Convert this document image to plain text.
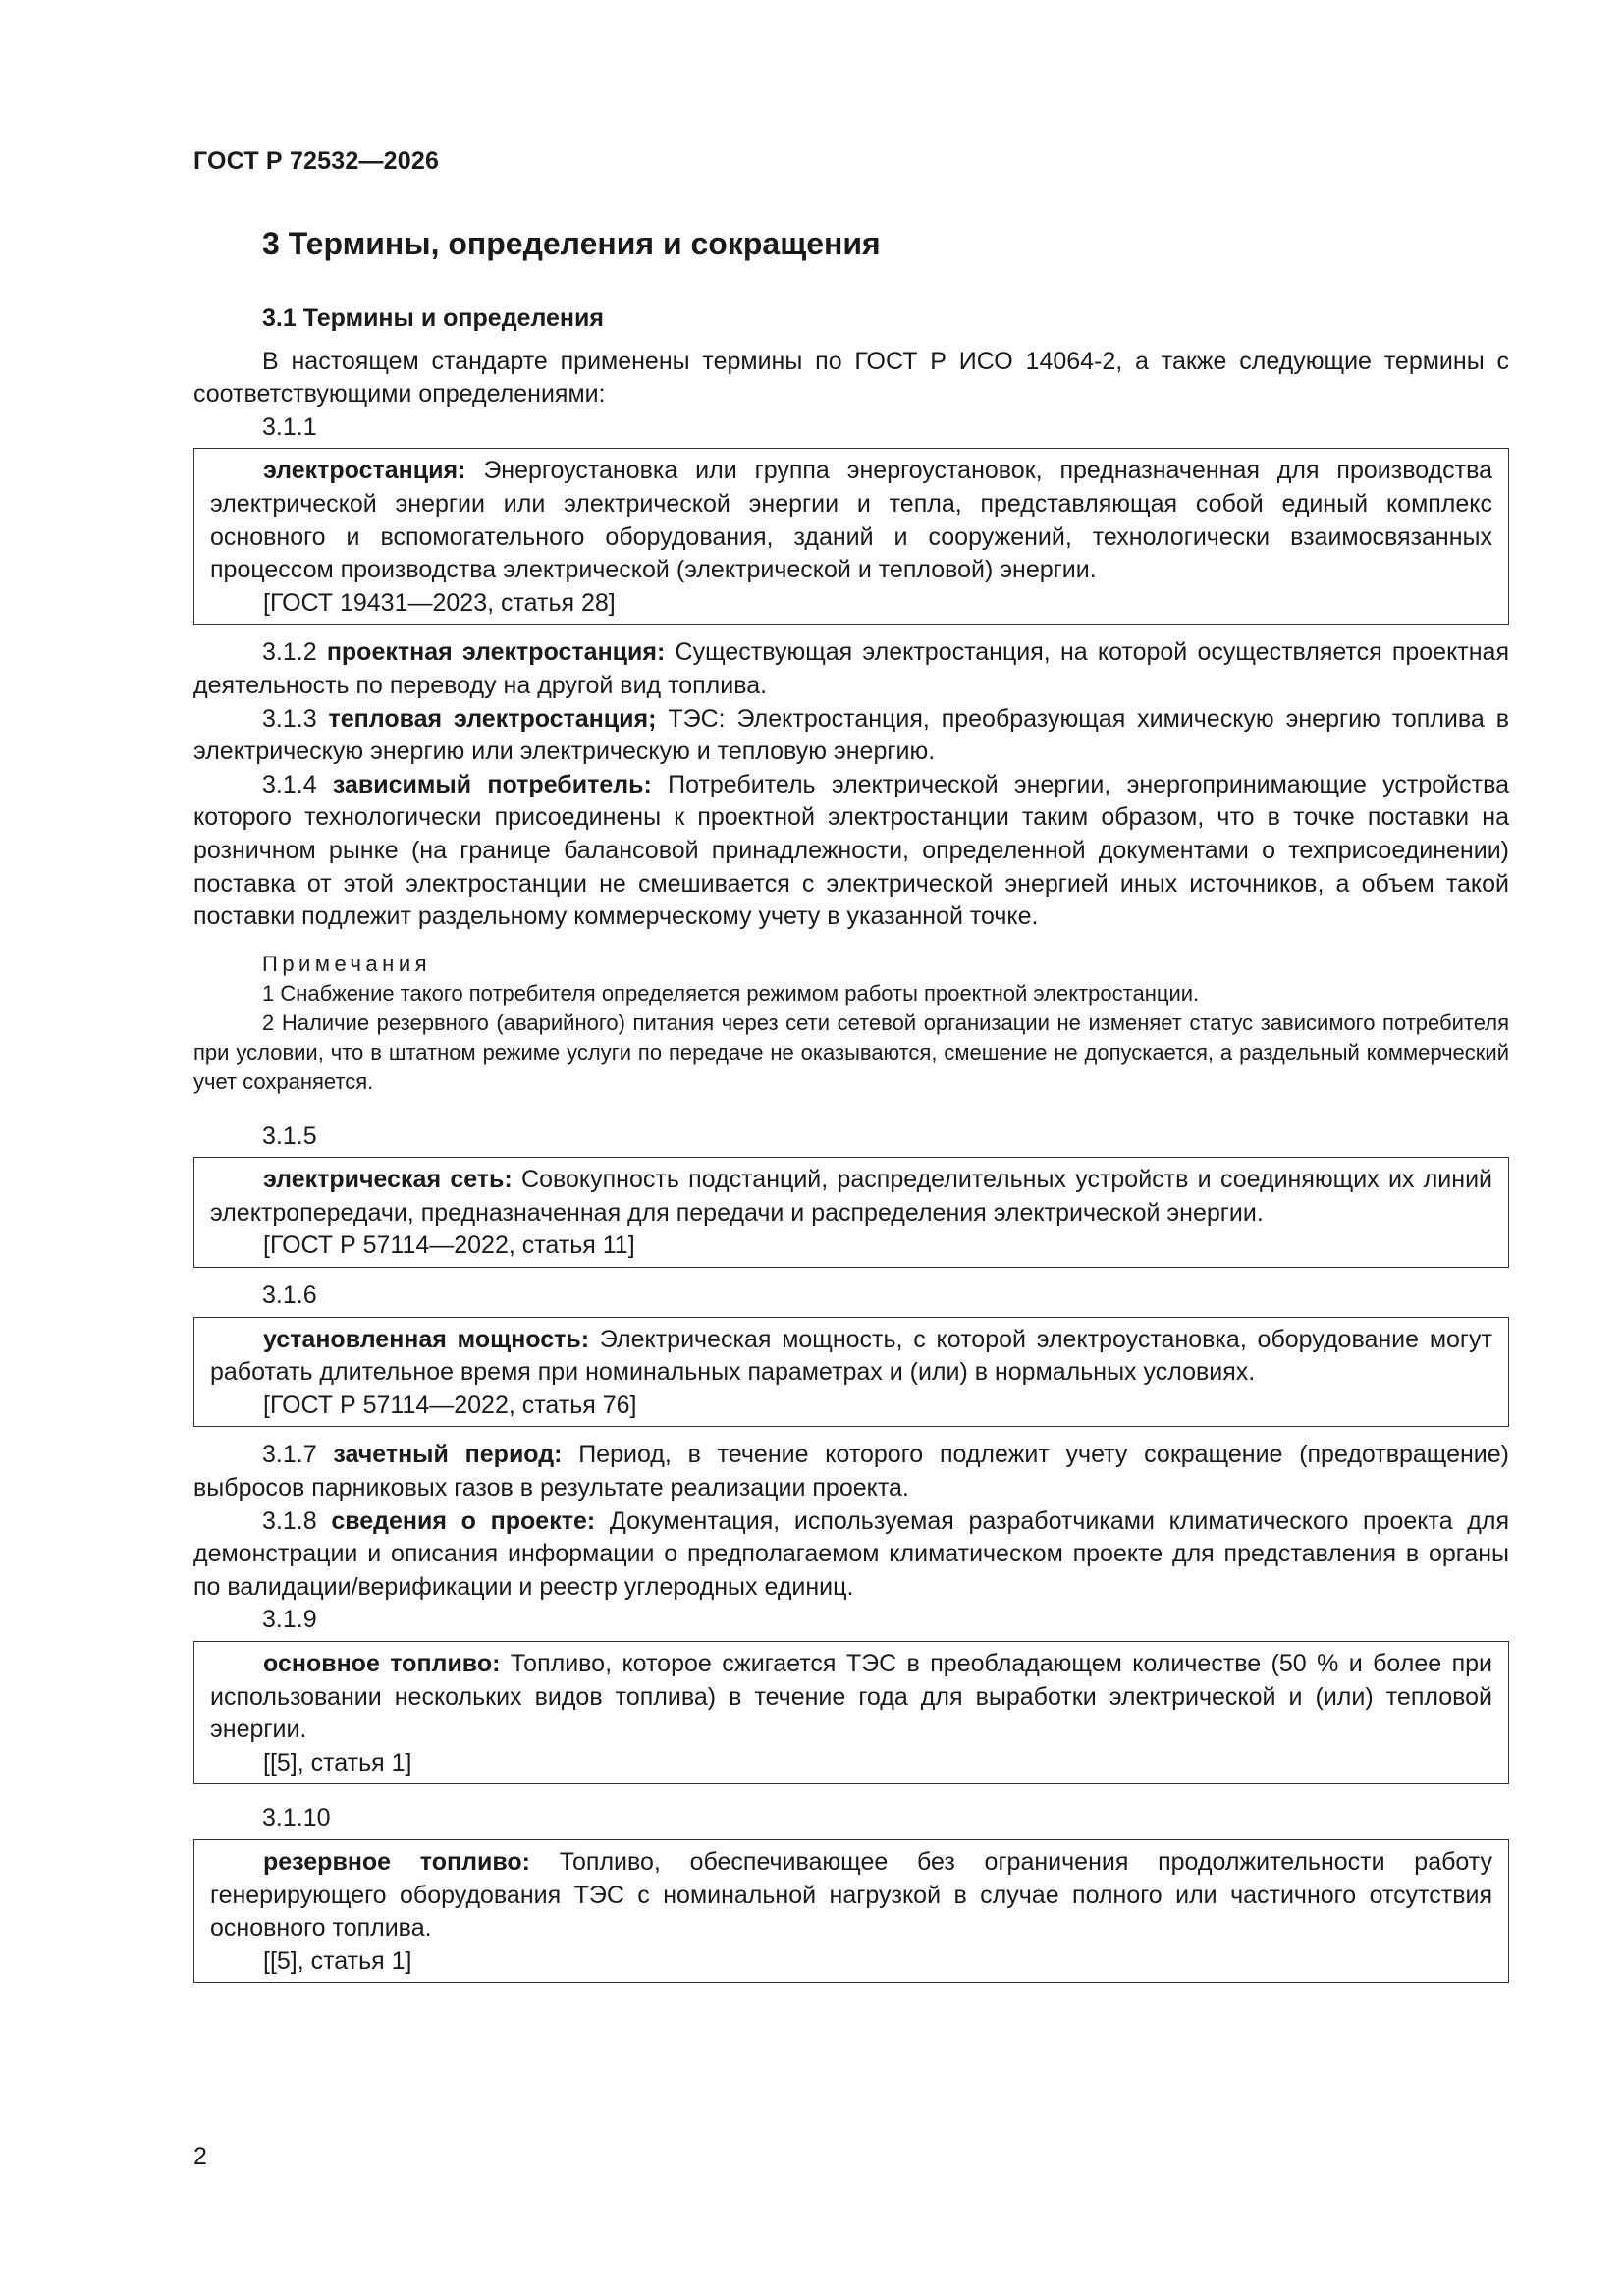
ГОСТ Р 72532—2026
3 Термины, определения и сокращения
3.1 Термины и определения

В настоящем стандарте применены термины по ГОСТ Р ИСО 14064-2, а также следующие термины с соответствующими определениями:

3.1.1

электростанция: Энергоустановка или группа энергоустановок, предназначенная для производства электрической энергии или электрической энергии и тепла, представляющая собой единый комплекс основного и вспомогательного оборудования, зданий и сооружений, технологически взаимосвязанных процессом производства электрической (электрической и тепловой) энергии.

[ГОСТ 19431—2023, статья 28]

3.1.2 проектная электростанция: Существующая электростанция, на которой осуществляется проектная деятельность по переводу на другой вид топлива.

3.1.3 тепловая электростанция; ТЭС: Электростанция, преобразующая химическую энергию топлива в электрическую энергию или электрическую и тепловую энергию.

3.1.4 зависимый потребитель: Потребитель электрической энергии, энергопринимающие устройства которого технологически присоединены к проектной электростанции таким образом, что в точке поставки на розничном рынке (на границе балансовой принадлежности, определенной документами о техприсоединении) поставка от этой электростанции не смешивается с электрической энергией иных источников, а объем такой поставки подлежит раздельному коммерческому учету в указанной точке.

Примечания

1 Снабжение такого потребителя определяется режимом работы проектной электростанции.

2 Наличие резервного (аварийного) питания через сети сетевой организации не изменяет статус зависимого потребителя при условии, что в штатном режиме услуги по передаче не оказываются, смешение не допускается, а раздельный коммерческий учет сохраняется.

3.1.5

электрическая сеть: Совокупность подстанций, распределительных устройств и соединяющих их линий электропередачи, предназначенная для передачи и распределения электрической энергии.

[ГОСТ Р 57114—2022, статья 11]

3.1.6

установленная мощность: Электрическая мощность, с которой электроустановка, оборудование могут работать длительное время при номинальных параметрах и (или) в нормальных условиях.

[ГОСТ Р 57114—2022, статья 76]

3.1.7 зачетный период: Период, в течение которого подлежит учету сокращение (предотвращение) выбросов парниковых газов в результате реализации проекта.

3.1.8 сведения о проекте: Документация, используемая разработчиками климатического проекта для демонстрации и описания информации о предполагаемом климатическом проекте для представления в органы по валидации/верификации и реестр углеродных единиц.

3.1.9

основное топливо: Топливо, которое сжигается ТЭС в преобладающем количестве (50 % и более при использовании нескольких видов топлива) в течение года для выработки электрической и (или) тепловой энергии.

[[5], статья 1]

3.1.10

резервное топливо: Топливо, обеспечивающее без ограничения продолжительности работу генерирующего оборудования ТЭС с номинальной нагрузкой в случае полного или частичного отсутствия основного топлива.

[[5], статья 1]

2
